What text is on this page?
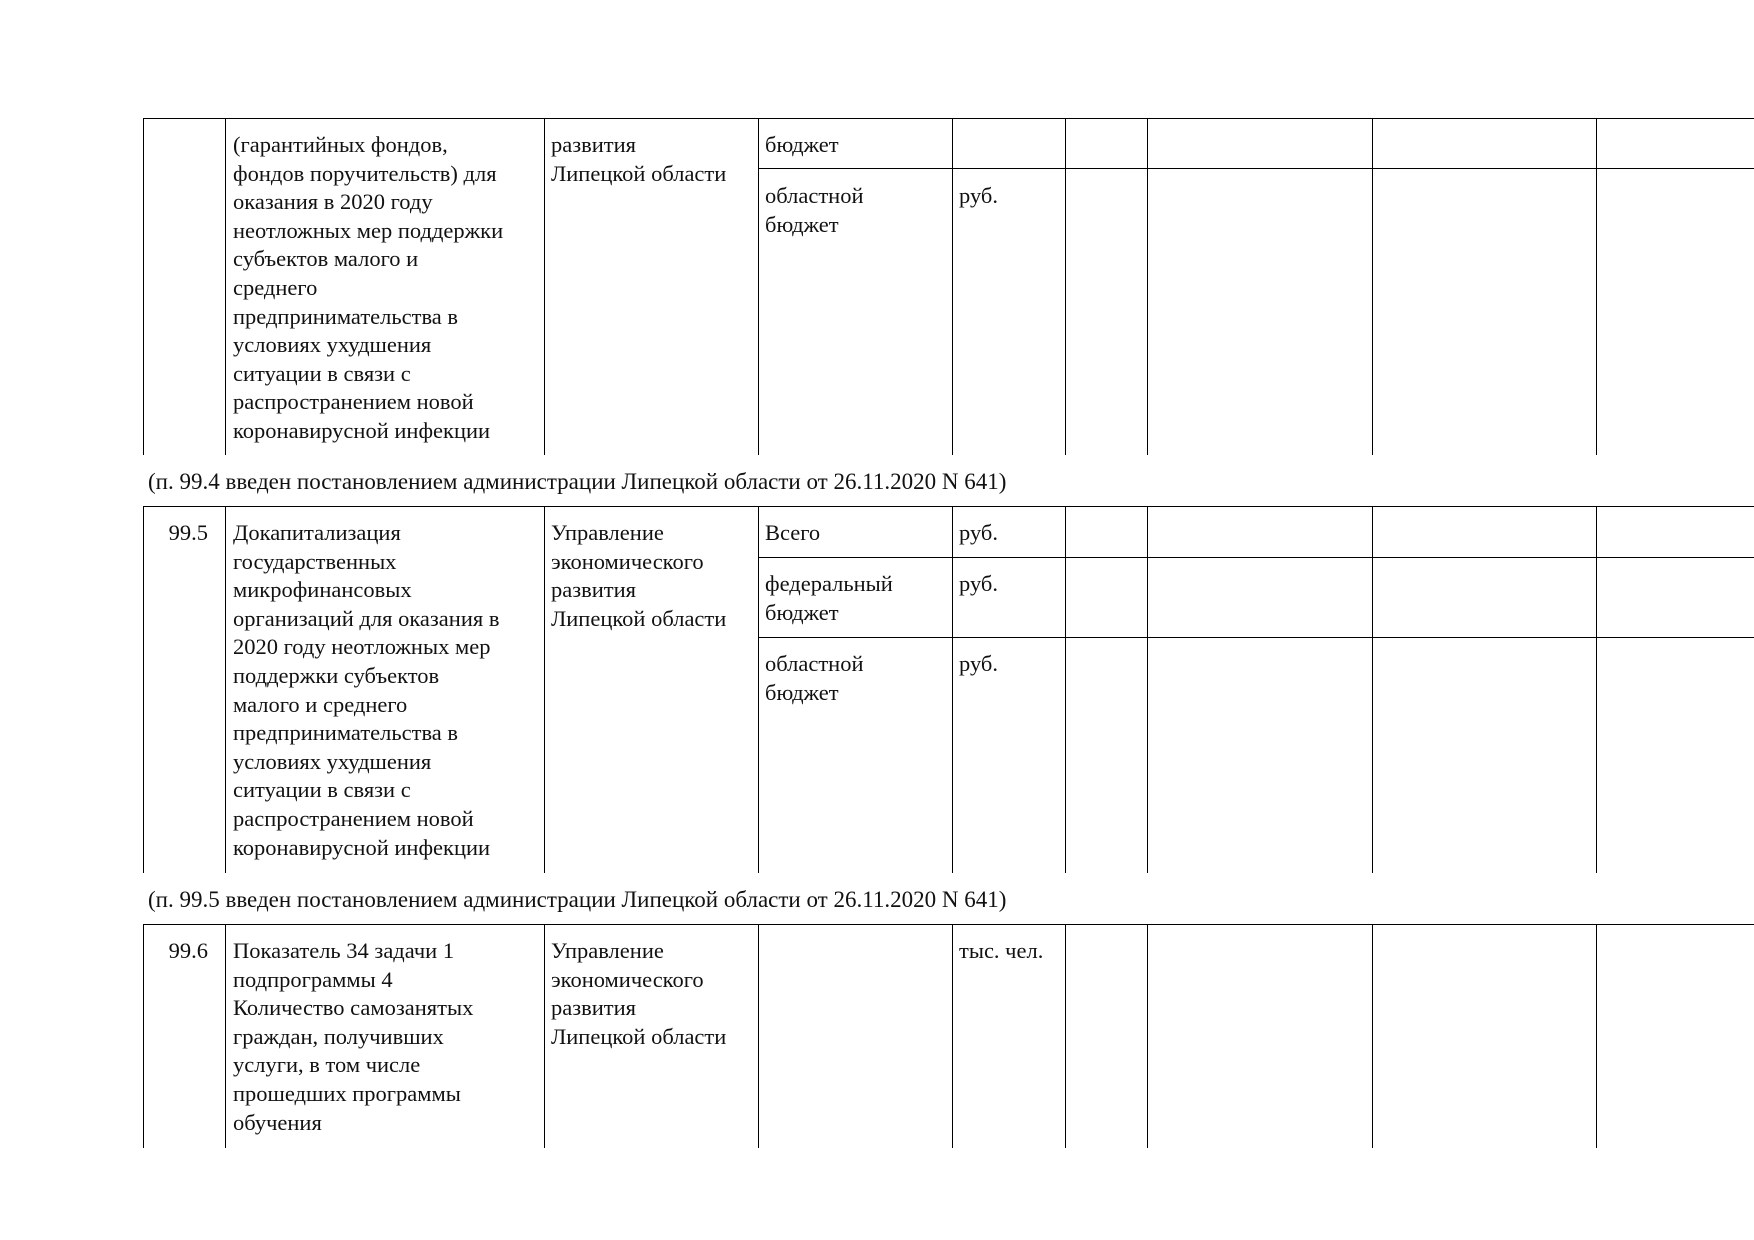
(гарантийных фондов,
фондов поручительств) для
оказания в 2020 году
неотложных мер поддержки
субъектов малого и
среднего
предпринимательства в
условиях ухудшения
ситуации в связи с
распространением новой
коронавирусной инфекции
развития
Липецкой области
бюджет
областной
бюджет
руб.
(п. 99.4 введен постановлением администрации Липецкой области от 26.11.2020 N 641)
99.5 Докапитализация
государственных
микрофинансовых
организаций для оказания в
2020 году неотложных мер
поддержки субъектов
малого и среднего
предпринимательства в
условиях ухудшения
ситуации в связи с
распространением новой
коронавирусной инфекции
Управление
экономического
развития
Липецкой области
Всего	руб.
федеральный
бюджет
руб.
областной
бюджет
руб.
(п. 99.5 введен постановлением администрации Липецкой области от 26.11.2020 N 641)
99.6 Показатель 34 задачи 1
подпрограммы 4
Количество самозанятых
граждан, получивших
услуги, в том числе
прошедших программы
обучения
Управление
экономического
развития
Липецкой области
тыс. чел.
